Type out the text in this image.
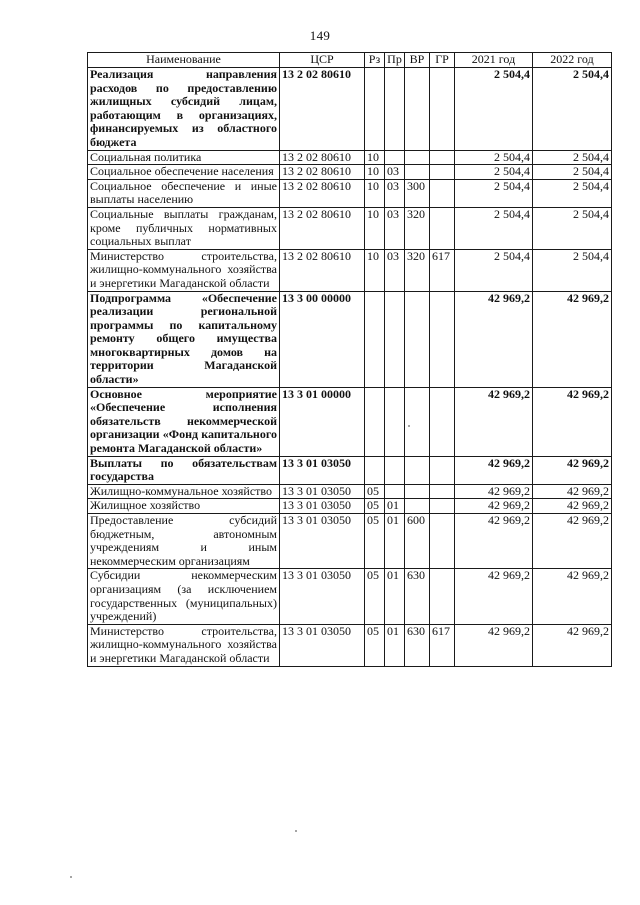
149
Наименование	ЦСР	Рз	Пр	ВР	ГР	2021 год	2022 год
Реализация направления расходов по предоставлению жилищных субсидий лицам, работающим в организациях, финансируемых из областного бюджета	13 2 02 80610					2 504,4	2 504,4
Социальная политика	13 2 02 80610	10				2 504,4	2 504,4
Социальное обеспечение населения	13 2 02 80610	10	03			2 504,4	2 504,4
Социальное обеспечение и иные выплаты населению	13 2 02 80610	10	03	300		2 504,4	2 504,4
Социальные выплаты гражданам, кроме публичных нормативных социальных выплат	13 2 02 80610	10	03	320		2 504,4	2 504,4
Министерство строительства, жилищно-коммунального хозяйства и энергетики Магаданской области	13 2 02 80610	10	03	320	617	2 504,4	2 504,4
Подпрограмма «Обеспечение реализации региональной программы по капитальному ремонту общего имущества многоквартирных домов на территории Магаданской области»	13 3 00 00000					42 969,2	42 969,2
Основное мероприятие «Обеспечение исполнения обязательств некоммерческой организации «Фонд капитального ремонта Магаданской области»	13 3 01 00000					42 969,2	42 969,2
Выплаты по обязательствам государства	13 3 01 03050					42 969,2	42 969,2
Жилищно-коммунальное хозяйство	13 3 01 03050	05				42 969,2	42 969,2
Жилищное хозяйство	13 3 01 03050	05	01			42 969,2	42 969,2
Предоставление субсидий бюджетным, автономным учреждениям и иным некоммерческим организациям	13 3 01 03050	05	01	600		42 969,2	42 969,2
Субсидии некоммерческим организациям (за исключением государственных (муниципальных) учреждений)	13 3 01 03050	05	01	630		42 969,2	42 969,2
Министерство строительства, жилищно-коммунального хозяйства и энергетики Магаданской области	13 3 01 03050	05	01	630	617	42 969,2	42 969,2
